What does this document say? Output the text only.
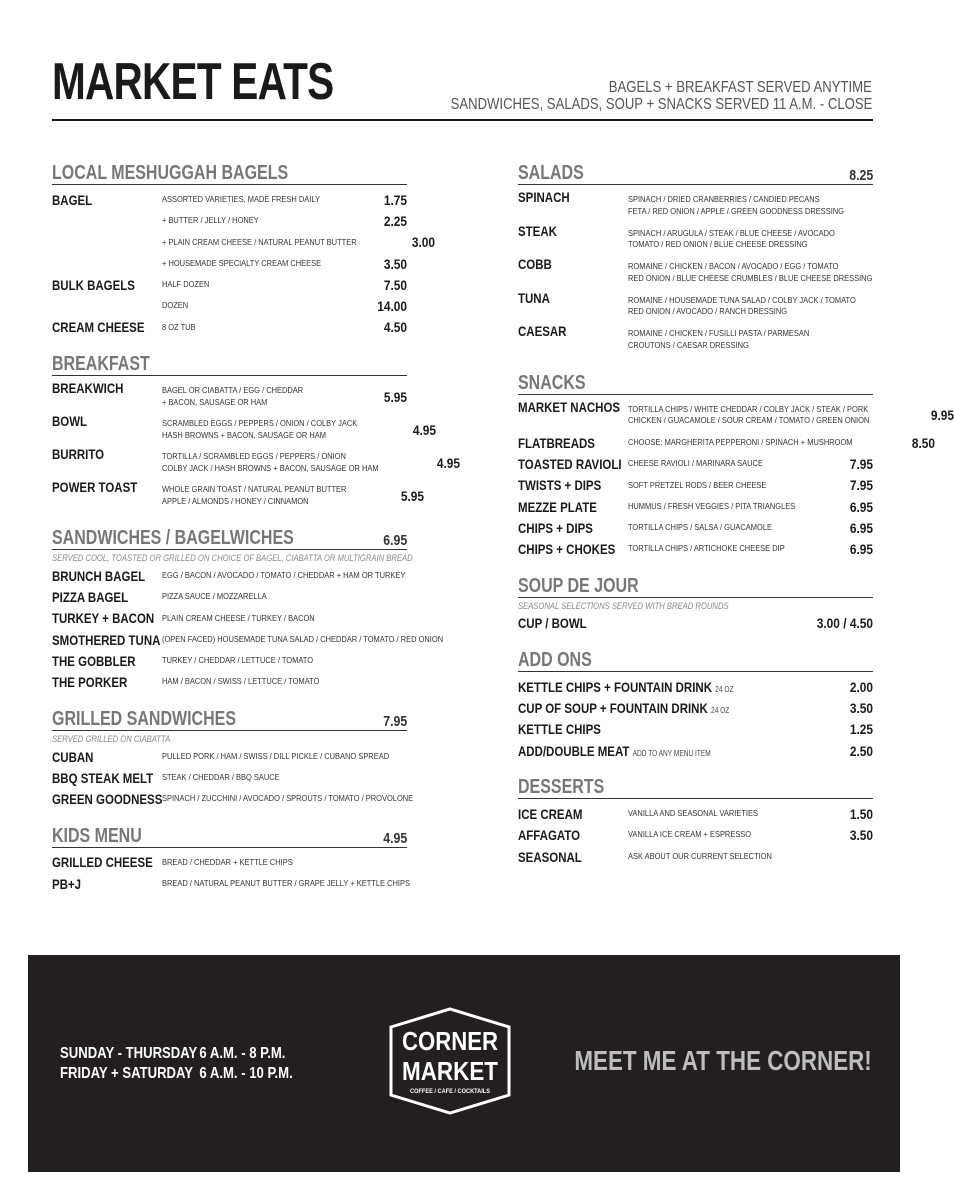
MARKET EATS	BAGELS + BREAKFAST SERVED ANYTIME
SANDWICHES, SALADS, SOUP + SNACKS SERVED 11 A.M. - CLOSE
LOCAL MESHUGGAH BAGELS
BAGEL	ASSORTED VARIETIES, MADE FRESH DAILY	1.75
+ BUTTER / JELLY / HONEY	2.25
+ PLAIN CREAM CHEESE / NATURAL PEANUT BUTTER	3.00
+ HOUSEMADE SPECIALTY CREAM CHEESE	3.50
BULK BAGELS	HALF DOZEN	7.50
DOZEN	14.00
CREAM CHEESE 8 OZ TUB	4.50
BREAKFAST
BREAKWICH	BAGEL OR CIABATTA / EGG / CHEDDAR
+ BACON, SAUSAGE OR HAM	5.95
BOWL	SCRAMBLED EGGS / PEPPERS / ONION / COLBY JACK
HASH BROWNS + BACON, SAUSAGE OR HAM	4.95
BURRITO	TORTILLA / SCRAMBLED EGGS / PEPPERS / ONION
COLBY JACK / HASH BROWNS + BACON, SAUSAGE OR HAM	4.95
POWER TOAST	WHOLE GRAIN TOAST / NATURAL PEANUT BUTTER
APPLE / ALMONDS / HONEY / CINNAMON	5.95
SANDWICHES / BAGELWICHES	6.95
SERVED COOL, TOASTED OR GRILLED ON CHOICE OF BAGEL, CIABATTA OR MULTIGRAIN BREAD
BRUNCH BAGEL EGG / BACON / AVOCADO / TOMATO / CHEDDAR + HAM OR TURKEY
PIZZA BAGEL	PIZZA SAUCE / MOZZARELLA
TURKEY + BACON PLAIN CREAM CHEESE / TURKEY / BACON
SMOTHERED TUNA (OPEN FACED) HOUSEMADE TUNA SALAD / CHEDDAR / TOMATO / RED ONION
THE GOBBLER	TURKEY / CHEDDAR / LETTUCE / TOMATO
THE PORKER	HAM / BACON / SWISS / LETTUCE / TOMATO
GRILLED SANDWICHES	7.95
SERVED GRILLED ON CIABATTA
CUBAN	PULLED PORK / HAM / SWISS / DILL PICKLE / CUBANO SPREAD
BBQ STEAK MELT STEAK / CHEDDAR / BBQ SAUCE
GREEN GOODNESS SPINACH / ZUCCHINI / AVOCADO / SPROUTS / TOMATO / PROVOLONE
KIDS MENU	4.95
GRILLED CHEESE BREAD / CHEDDAR + KETTLE CHIPS
PB+J	BREAD / NATURAL PEANUT BUTTER / GRAPE JELLY + KETTLE CHIPS
SALADS	8.25
SPINACH	SPINACH / DRIED CRANBERRIES / CANDIED PECANS
FETA / RED ONION / APPLE / GREEN GOODNESS DRESSING
STEAK	SPINACH / ARUGULA / STEAK / BLUE CHEESE / AVOCADO
TOMATO / RED ONION / BLUE CHEESE DRESSING
COBB	ROMAINE / CHICKEN / BACON / AVOCADO / EGG / TOMATO
RED ONION / BLUE CHEESE CRUMBLES / BLUE CHEESE DRESSING
TUNA	ROMAINE / HOUSEMADE TUNA SALAD / COLBY JACK / TOMATO
RED ONION / AVOCADO / RANCH DRESSING
CAESAR	ROMAINE / CHICKEN / FUSILLI PASTA / PARMESAN
CROUTONS / CAESAR DRESSING
SNACKS
MARKET NACHOS TORTILLA CHIPS / WHITE CHEDDAR / COLBY JACK / STEAK / PORK
CHICKEN / GUACAMOLE / SOUR CREAM / TOMATO / GREEN ONION	9.95
FLATBREADS	CHOOSE: MARGHERITA PEPPERONI / SPINACH + MUSHROOM	8.50
TOASTED RAVIOLI CHEESE RAVIOLI / MARINARA SAUCE	7.95
TWISTS + DIPS	SOFT PRETZEL RODS / BEER CHEESE	7.95
MEZZE PLATE	HUMMUS / FRESH VEGGIES / PITA TRIANGLES	6.95
CHIPS + DIPS	TORTILLA CHIPS / SALSA / GUACAMOLE	6.95
CHIPS + CHOKES TORTILLA CHIPS / ARTICHOKE CHEESE DIP	6.95
SOUP DE JOUR
SEASONAL SELECTIONS SERVED WITH BREAD ROUNDS
CUP / BOWL	3.00 / 4.50
ADD ONS
KETTLE CHIPS + FOUNTAIN DRINK 24 OZ	2.00
CUP OF SOUP + FOUNTAIN DRINK 24 OZ	3.50
KETTLE CHIPS	1.25
ADD/DOUBLE MEAT ADD TO ANY MENU ITEM	2.50
DESSERTS
ICE CREAM	VANILLA AND SEASONAL VARIETIES	1.50
AFFAGATO	VANILLA ICE CREAM + ESPRESSO	3.50
SEASONAL	ASK ABOUT OUR CURRENT SELECTION
SUNDAY - THURSDAY 6 A.M. - 8 P.M.
FRIDAY + SATURDAY 6 A.M. - 10 P.M.
CORNER
MARKET
COFFEE / CAFE / COCKTAILS
MEET ME AT THE CORNER!
